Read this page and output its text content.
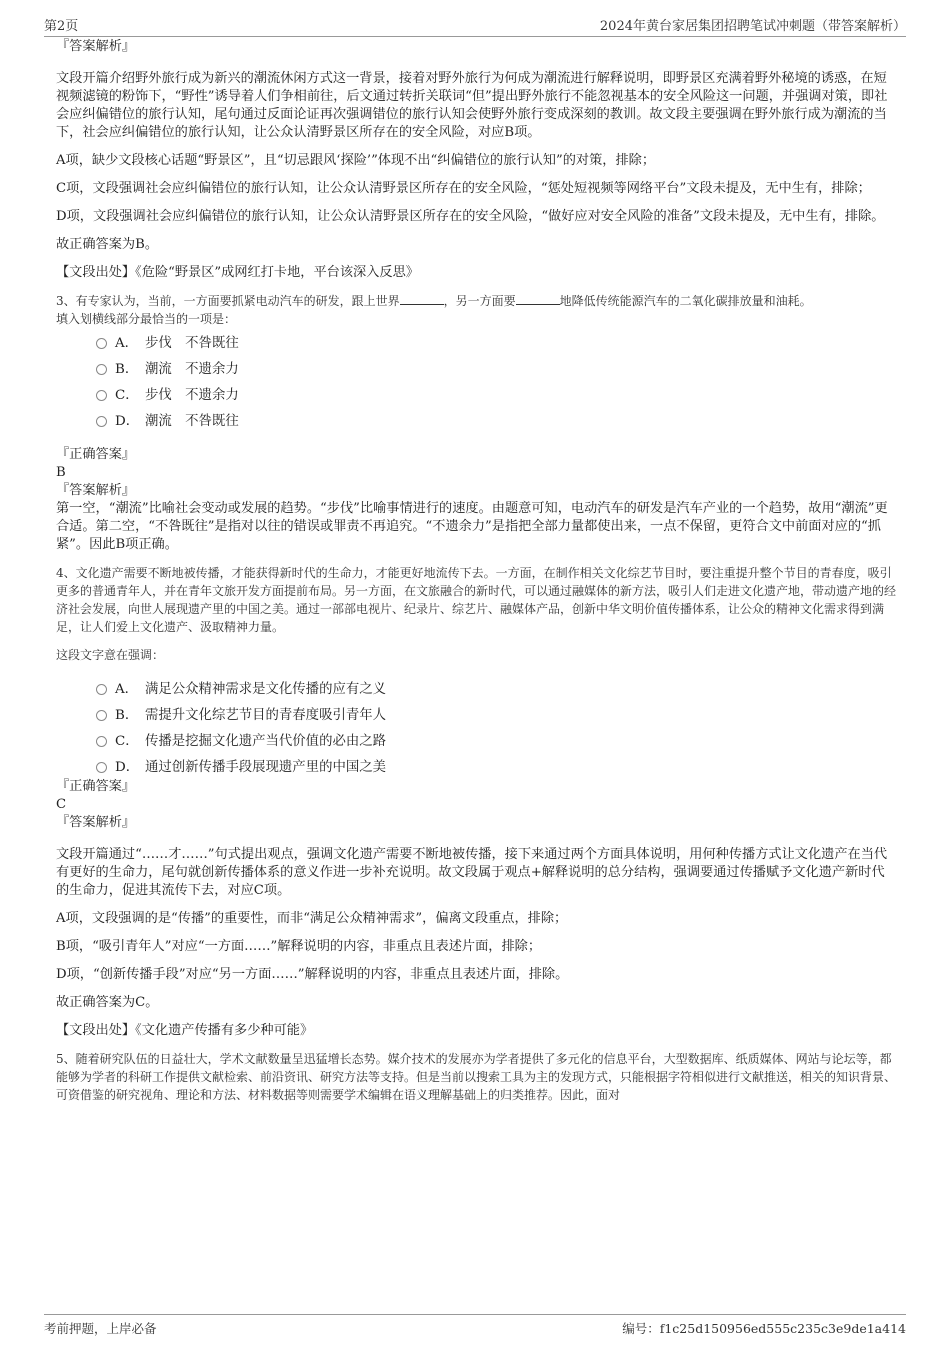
第2页	2024年黄台家居集团招聘笔试冲刺题（带答案解析）

『答案解析』

文段开篇介绍野外旅行成为新兴的潮流休闲方式这一背景，接着对野外旅行为何成为潮流进行解释说明，即野景区充满着野外秘境的诱惑，在短视频滤镜的粉饰下，“野性”诱导着人们争相前往，后文通过转折关联词“但”提出野外旅行不能忽视基本的安全风险这一问题，并强调对策，即社会应纠偏错位的旅行认知，尾句通过反面论证再次强调错位的旅行认知会使野外旅行变成深刻的教训。故文段主要强调在野外旅行成为潮流的当下，社会应纠偏错位的旅行认知，让公众认清野景区所存在的安全风险，对应B项。

A项，缺少文段核心话题“野景区”，且“切忌跟风‘探险’”体现不出“纠偏错位的旅行认知”的对策，排除；

C项，文段强调社会应纠偏错位的旅行认知，让公众认清野景区所存在的安全风险，“惩处短视频等网络平台”文段未提及，无中生有，排除；

D项，文段强调社会应纠偏错位的旅行认知，让公众认清野景区所存在的安全风险，“做好应对安全风险的准备”文段未提及，无中生有，排除。

故正确答案为B。

【文段出处】《危险“野景区”成网红打卡地，平台该深入反思》

3、有专家认为，当前，一方面要抓紧电动汽车的研发，跟上世界	，另一方面要	地降低传统能源汽车的二氧化碳排放量和油耗。
填入划横线部分最恰当的一项是：
A． 步伐　不咎既往
B． 潮流　不遗余力
C． 步伐　不遗余力
D． 潮流　不咎既往

『正确答案』

B

『答案解析』

第一空，“潮流”比喻社会变动或发展的趋势。“步伐”比喻事情进行的速度。由题意可知，电动汽车的研发是汽车产业的一个趋势，故用“潮流”更合适。第二空，“不咎既往”是指对以往的错误或罪责不再追究。“不遗余力”是指把全部力量都使出来，一点不保留，更符合文中前面对应的“抓紧”。因此B项正确。

4、文化遗产需要不断地被传播，才能获得新时代的生命力，才能更好地流传下去。一方面，在制作相关文化综艺节目时，要注重提升整个节目的青春度，吸引更多的普通青年人，并在青年文旅开发方面提前布局。另一方面，在文旅融合的新时代，可以通过融媒体的新方法，吸引人们走进文化遗产地，带动遗产地的经济社会发展，向世人展现遗产里的中国之美。通过一部部电视片、纪录片、综艺片、融媒体产品，创新中华文明价值传播体系，让公众的精神文化需求得到满足，让人们爱上文化遗产、汲取精神力量。
这段文字意在强调：
A． 满足公众精神需求是文化传播的应有之义
B． 需提升文化综艺节目的青春度吸引青年人
C． 传播是挖掘文化遗产当代价值的必由之路
D． 通过创新传播手段展现遗产里的中国之美

『正确答案』

C

『答案解析』

文段开篇通过“……才……”句式提出观点，强调文化遗产需要不断地被传播，接下来通过两个方面具体说明，用何种传播方式让文化遗产在当代有更好的生命力，尾句就创新传播体系的意义作进一步补充说明。故文段属于观点+解释说明的总分结构，强调要通过传播赋予文化遗产新时代的生命力，促进其流传下去，对应C项。

A项，文段强调的是“传播”的重要性，而非“满足公众精神需求”，偏离文段重点，排除；

B项，“吸引青年人”对应“一方面……”解释说明的内容，非重点且表述片面，排除；

D项，“创新传播手段”对应“另一方面……”解释说明的内容，非重点且表述片面，排除。

故正确答案为C。

【文段出处】《文化遗产传播有多少种可能》

5、随着研究队伍的日益壮大，学术文献数量呈迅猛增长态势。媒介技术的发展亦为学者提供了多元化的信息平台，大型数据库、纸质媒体、网站与论坛等，都能够为学者的科研工作提供文献检索、前沿资讯、研究方法等支持。但是当前以搜索工具为主的发现方式，只能根据字符相似进行文献推送，相关的知识背景、可资借鉴的研究视角、理论和方法、材料数据等则需要学术编辑在语义理解基础上的归类推荐。因此，面对
考前押题，上岸必备	编号：f1c25d150956ed555c235c3e9de1a414
